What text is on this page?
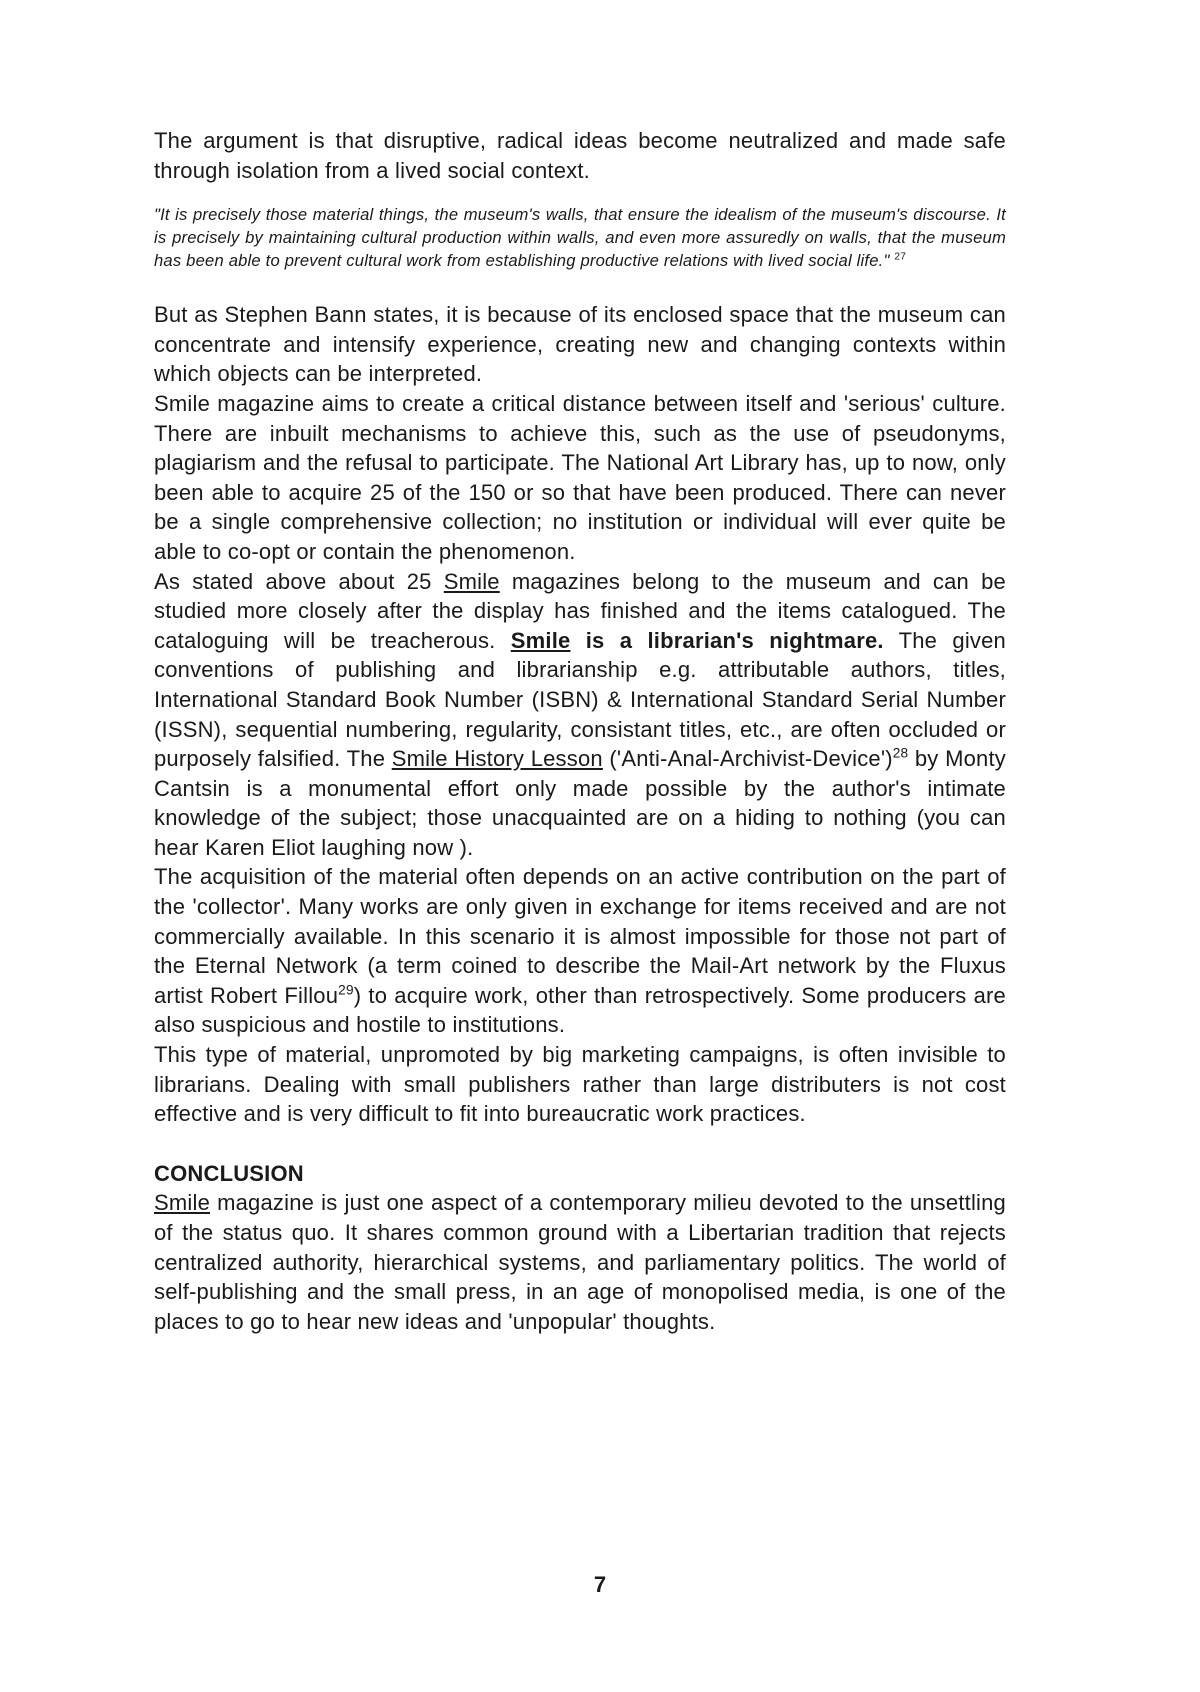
The argument is that disruptive, radical ideas become neutralized and made safe through isolation from a lived social context.

"It is precisely those material things, the museum's walls, that ensure the idealism of the museum's discourse. It is precisely by maintaining cultural production within walls, and even more assuredly on walls, that the museum has been able to prevent cultural work from establishing productive relations with lived social life." $^{27}$

But as Stephen Bann states, it is because of its enclosed space that the museum can concentrate and intensify experience, creating new and changing contexts within which objects can be interpreted.

Smile magazine aims to create a critical distance between itself and 'serious' culture. There are inbuilt mechanisms to achieve this, such as the use of pseudonyms, plagiarism and the refusal to participate. The National Art Library has, up to now, only been able to acquire 25 of the 150 or so that have been produced. There can never be a single comprehensive collection; no institution or individual will ever quite be able to co-opt or contain the phenomenon.

As stated above about 25 Smile magazines belong to the museum and can be studied more closely after the display has finished and the items catalogued. The cataloguing will be treacherous. Smile is a librarian's nightmare. The given conventions of publishing and librarianship e.g. attributable authors, titles, International Standard Book Number (ISBN) & International Standard Serial Number (ISSN), sequential numbering, regularity, consistant titles, etc., are often occluded or purposely falsified. The Smile History Lesson ('Anti-Anal-Archivist-Device')$^{28}$ by Monty Cantsin is a monumental effort only made possible by the author's intimate knowledge of the subject; those unacquainted are on a hiding to nothing (you can hear Karen Eliot laughing now ).

The acquisition of the material often depends on an active contribution on the part of the 'collector'. Many works are only given in exchange for items received and are not commercially available. In this scenario it is almost impossible for those not part of the Eternal Network (a term coined to describe the Mail-Art network by the Fluxus artist Robert Fillou$^{29}$) to acquire work, other than retrospectively. Some producers are also suspicious and hostile to institutions.

This type of material, unpromoted by big marketing campaigns, is often invisible to librarians. Dealing with small publishers rather than large distributers is not cost effective and is very difficult to fit into bureaucratic work practices.

CONCLUSION

Smile magazine is just one aspect of a contemporary milieu devoted to the unsettling of the status quo. It shares common ground with a Libertarian tradition that rejects centralized authority, hierarchical systems, and parliamentary politics. The world of self-publishing and the small press, in an age of monopolised media, is one of the places to go to hear new ideas and 'unpopular' thoughts.

7
